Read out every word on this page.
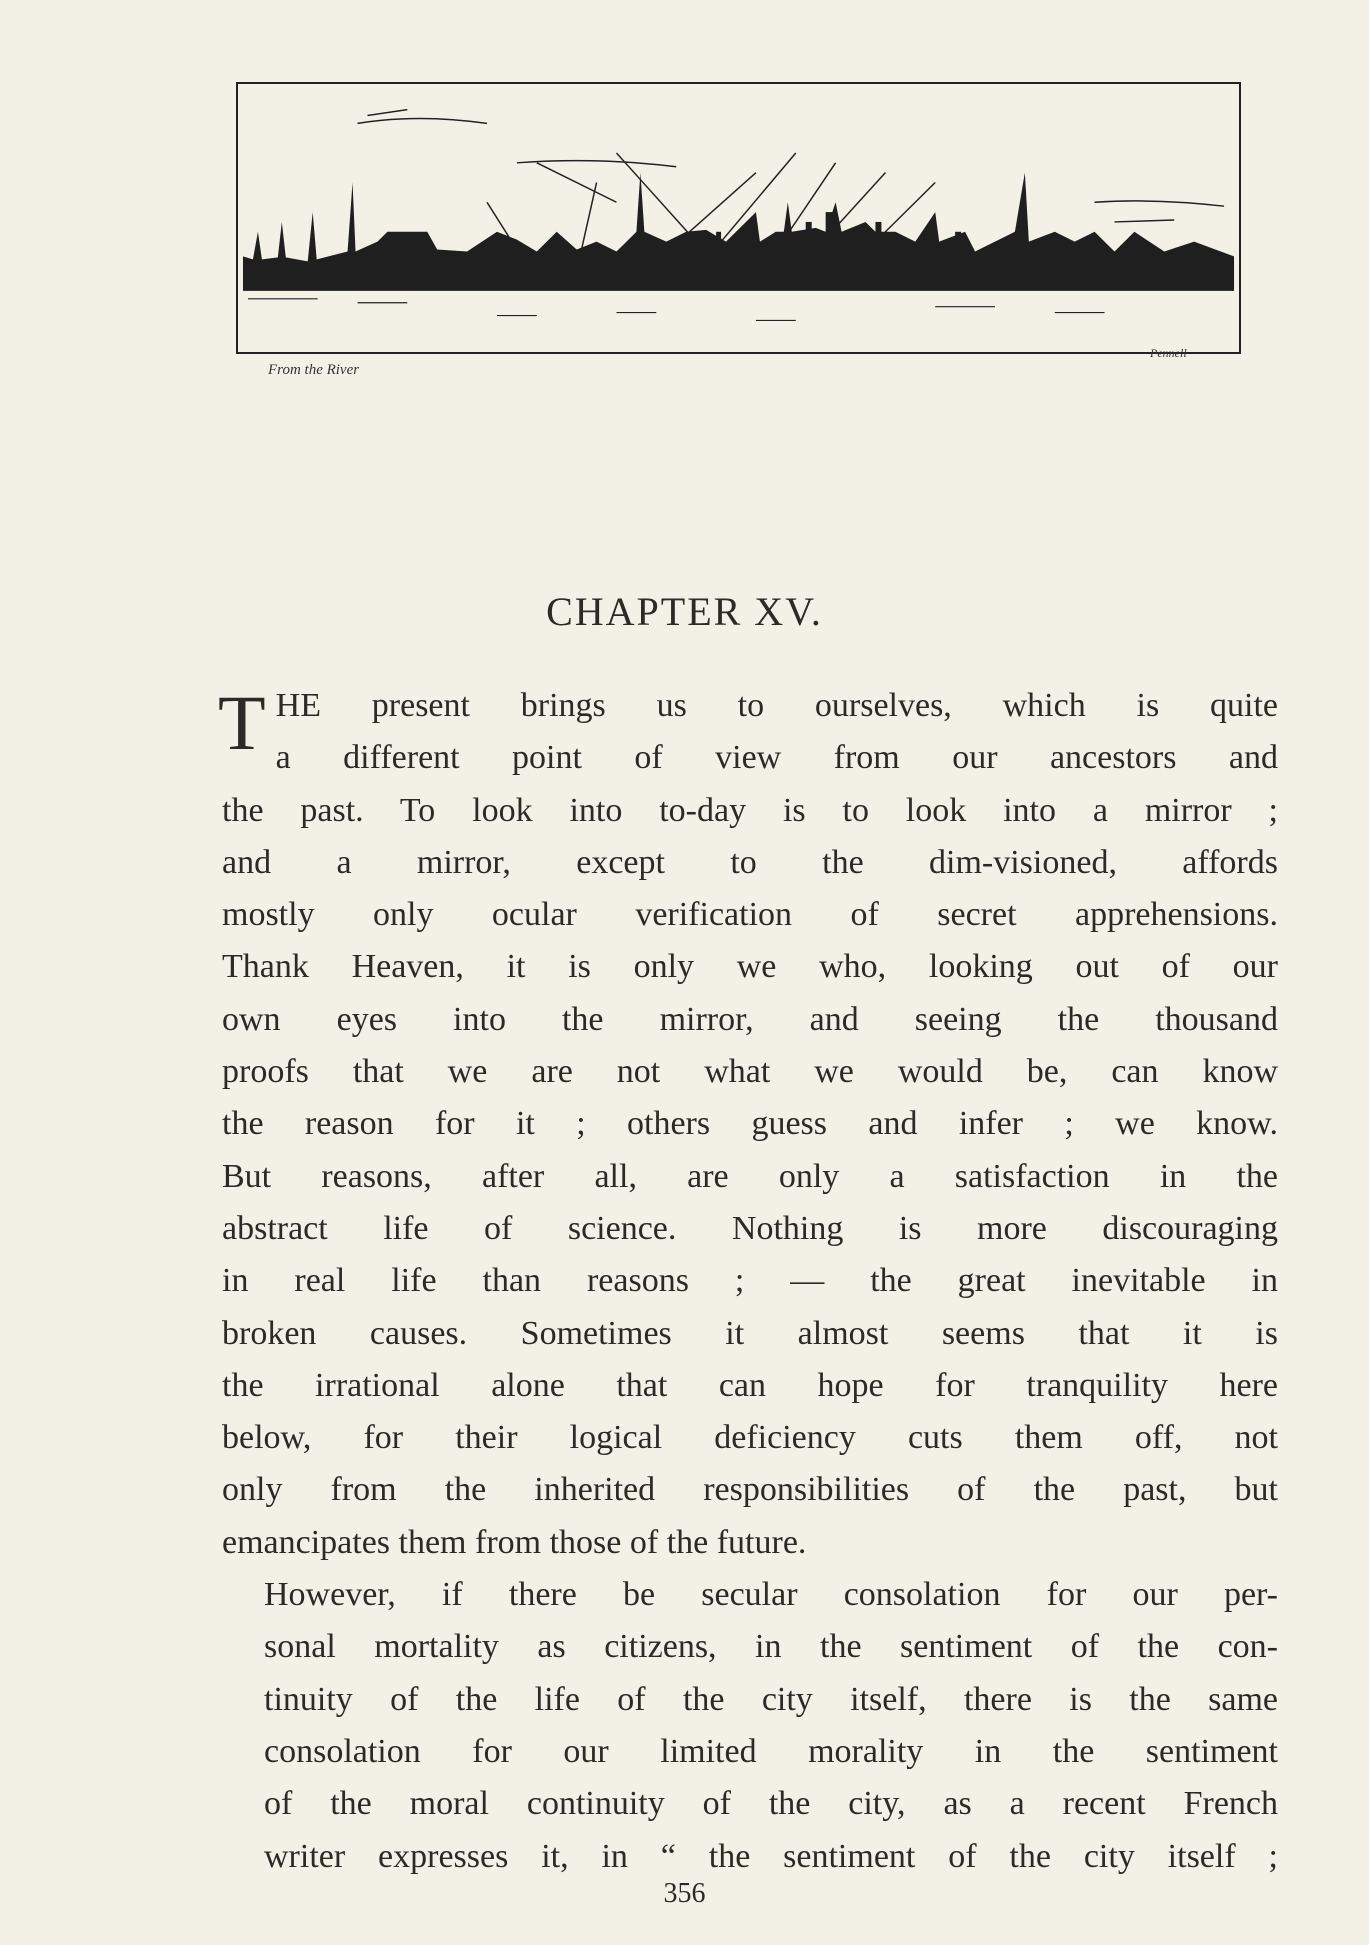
From the River
Pennell
CHAPTER XV.

T HE present brings us to ourselves, which is quite
a different point of view from our ancestors and
the past. To look into to-day is to look into a mirror ;
and a mirror, except to the dim-visioned, affords
mostly only ocular verification of secret apprehensions.
Thank Heaven, it is only we who, looking out of our
own eyes into the mirror, and seeing the thousand
proofs that we are not what we would be, can know
the reason for it ; others guess and infer ; we know.
But reasons, after all, are only a satisfaction in the
abstract life of science. Nothing is more discouraging
in real life than reasons ; — the great inevitable in
broken causes. Sometimes it almost seems that it is
the irrational alone that can hope for tranquility here
below, for their logical deficiency cuts them off, not
only from the inherited responsibilities of the past, but
emancipates them from those of the future.

However, if there be secular consolation for our per-
sonal mortality as citizens, in the sentiment of the con-
tinuity of the life of the city itself, there is the same
consolation for our limited morality in the sentiment
of the moral continuity of the city, as a recent French
writer expresses it, in “ the sentiment of the city itself ;

356
